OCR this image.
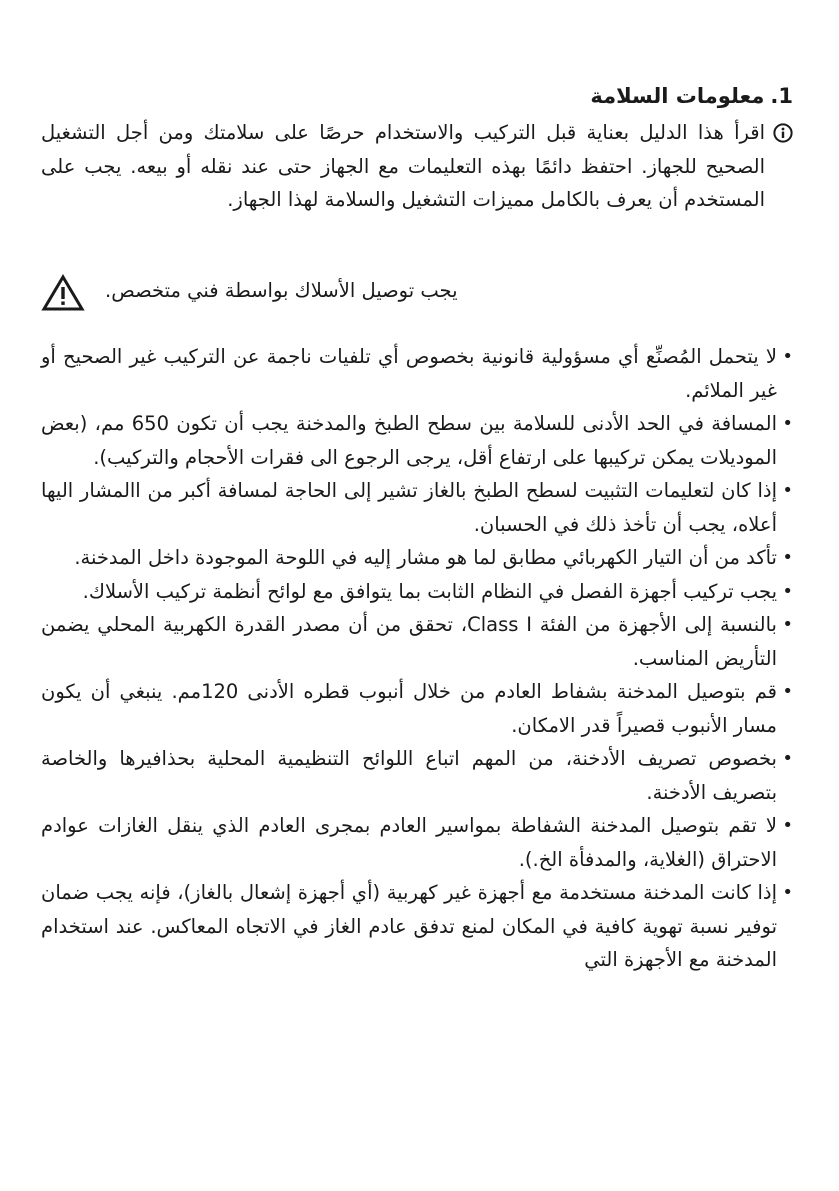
1.معلومات السلامة

اقرأ هذا الدليل بعناية قبل التركيب والاستخدام حرصًا على سلامتك ومن أجل التشغيل الصحيح للجهاز. احتفظ دائمًا بهذه التعليمات مع الجهاز حتى عند نقله أو بيعه. يجب على المستخدم أن يعرف بالكامل مميزات التشغيل والسلامة لهذا الجهاز.

يجب توصيل الأسلاك بواسطة فني متخصص.
• لا يتحمل المُصنِّع أي مسؤولية قانونية بخصوص أي تلفيات ناجمة عن التركيب غير الصحيح أو غير الملائم.
• المسافة في الحد الأدنى للسلامة بين سطح الطبخ والمدخنة يجب أن تكون 650 مم، (بعض الموديلات يمكن تركيبها على ارتفاع أقل، يرجى الرجوع الى فقرات الأحجام والتركيب).
• إذا كان لتعليمات التثبيت لسطح الطبخ بالغاز تشير إلى الحاجة لمسافة أكبر من االمشار اليها أعلاه، يجب أن تأخذ ذلك في الحسبان.
• تأكد من أن التيار الكهربائي مطابق لما هو مشار إليه في اللوحة الموجودة داخل المدخنة.
• يجب تركيب أجهزة الفصل في النظام الثابت بما يتوافق مع لوائح أنظمة تركيب الأسلاك.
• بالنسبة إلى الأجهزة من الفئة Class I، تحقق من أن مصدر القدرة الكهربية المحلي يضمن التأريض المناسب.
• قم بتوصيل المدخنة بشفاط العادم من خلال أنبوب قطره الأدنى 120مم. ينبغي أن يكون مسار الأنبوب قصيراً قدر الامكان.
• بخصوص تصريف الأدخنة، من المهم اتباع اللوائح التنظيمية المحلية بحذافيرها والخاصة بتصريف الأدخنة.
• لا تقم بتوصيل المدخنة الشفاطة بمواسير العادم بمجرى العادم الذي ينقل الغازات عوادم الاحتراق (الغلاية، والمدفأة الخ.).
• إذا كانت المدخنة مستخدمة مع أجهزة غير كهربية (أي أجهزة إشعال بالغاز)، فإنه يجب ضمان توفير نسبة تهوية كافية في المكان لمنع تدفق عادم الغاز في الاتجاه المعاكس. عند استخدام المدخنة مع الأجهزة التي
